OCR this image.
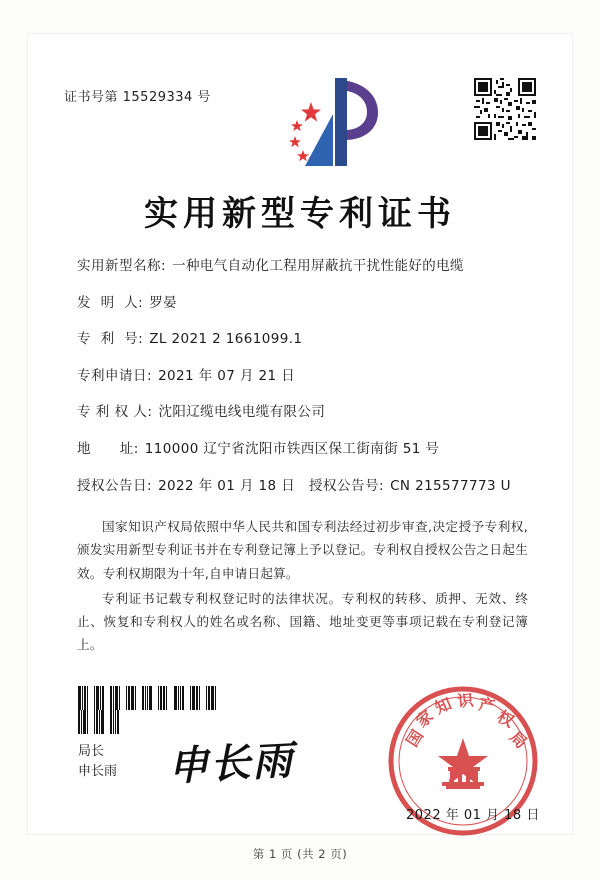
证书号第 15529334 号
实用新型专利证书
实用新型名称: 一种电气自动化工程用屏蔽抗干扰性能好的电缆
发  明  人: 罗晏
专  利  号: ZL 2021 2 1661099.1
专利申请日: 2021 年 07 月 21 日
专 利 权 人: 沈阳辽缆电线电缆有限公司
地      址: 110000 辽宁省沈阳市铁西区保工街南街 51 号
授权公告日: 2022 年 01 月 18 日	授权公告号: CN 215577773 U

国家知识产权局依照中华人民共和国专利法经过初步审查,决定授予专利权,颁发实用新型专利证书并在专利登记簿上予以登记。专利权自授权公告之日起生效。专利权期限为十年,自申请日起算。

专利证书记载专利权登记时的法律状况。专利权的转移、质押、无效、终止、恢复和专利权人的姓名或名称、国籍、地址变更等事项记载在专利登记簿上。

局长
申长雨 申长雨	国
家
知 识 产
权
局
2022 年 01 月 18 日
第 1 页 (共 2 页)
